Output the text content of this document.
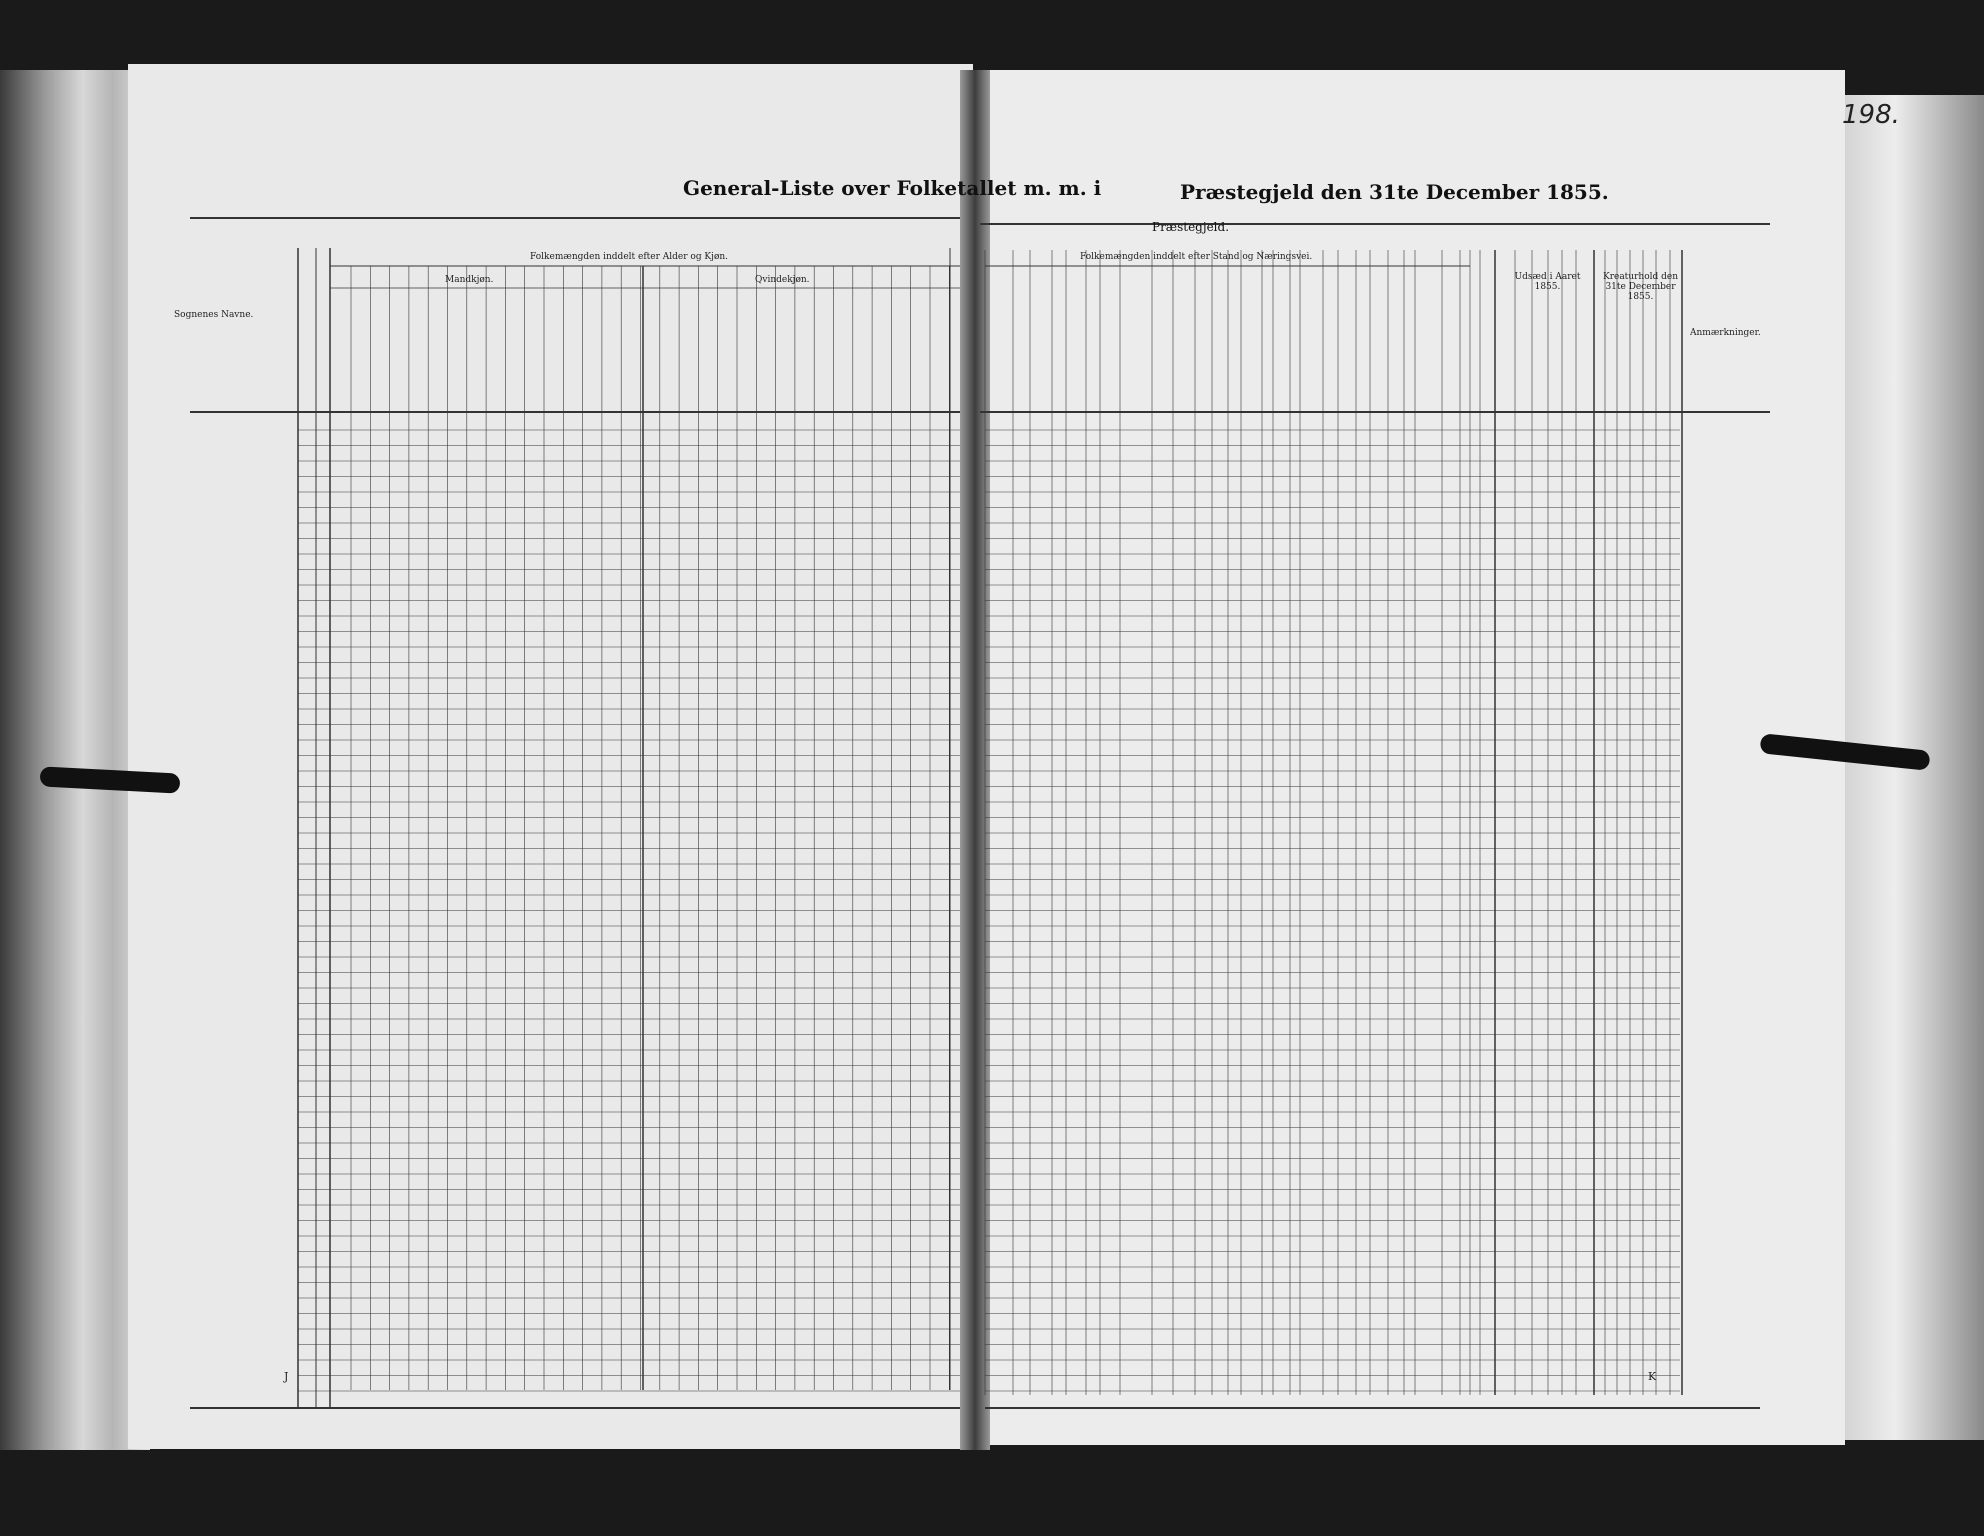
General-Liste over Folketallet m. m. i	Præstegjeld den 31te December 1855.
Præstegjeld.
Folkemængden inddelt efter Alder og Kjøn.
Mandkjøn.	Qvindekjøn.
Sognenes Navne.
Folkemængden inddelt efter Stand og Næringsvei.
Udsæd i Aaret 1855.
Kreaturhold den 31te December 1855.
Anmærkninger.
J	K
198.
